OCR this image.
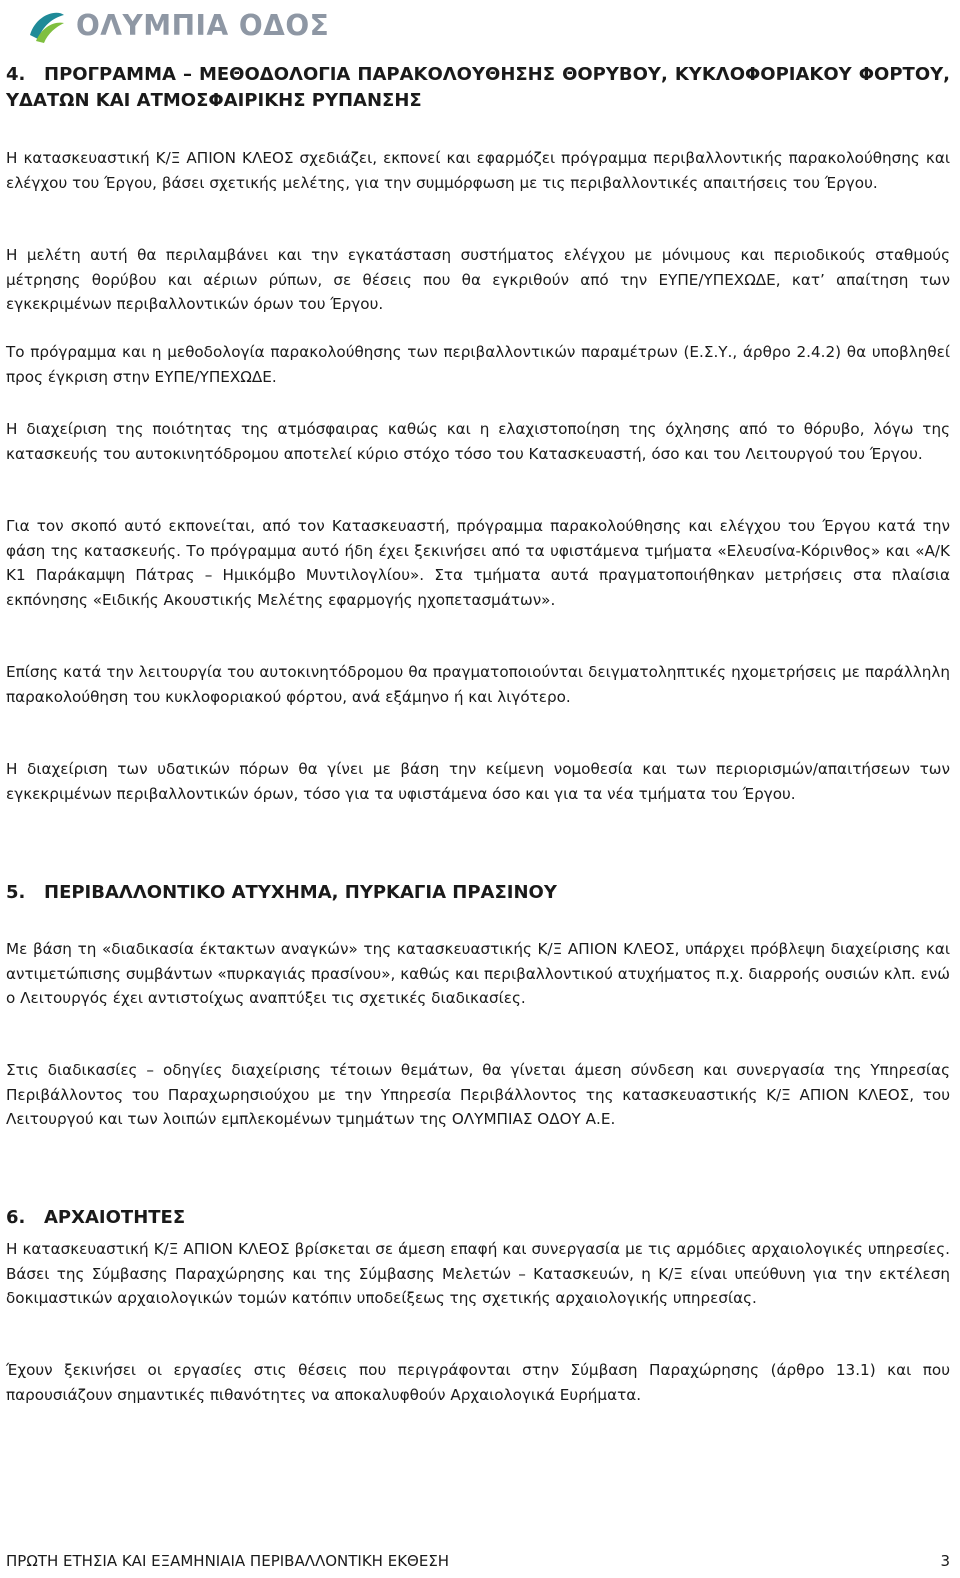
ΟΛΥΜΠΙΑ ΟΔΟΣ
4. ΠΡΟΓΡΑΜΜΑ – ΜΕΘΟΔΟΛΟΓΙΑ ΠΑΡΑΚΟΛΟΥΘΗΣΗΣ ΘΟΡΥΒΟΥ, ΚΥΚΛΟΦΟΡΙΑΚΟΥ ΦΟΡΤΟΥ, ΥΔΑΤΩΝ ΚΑΙ ΑΤΜΟΣΦΑΙΡΙΚΗΣ ΡΥΠΑΝΣΗΣ

Η κατασκευαστική Κ/Ξ ΑΠΙΟΝ ΚΛΕΟΣ σχεδιάζει, εκπονεί και εφαρμόζει πρόγραμμα περιβαλλοντικής παρακολούθησης και ελέγχου του Έργου, βάσει σχετικής μελέτης, για την συμμόρφωση με τις περιβαλλοντικές απαιτήσεις του Έργου.

Η μελέτη αυτή θα περιλαμβάνει και την εγκατάσταση συστήματος ελέγχου με μόνιμους και περιοδικούς σταθμούς μέτρησης θορύβου και αέριων ρύπων, σε θέσεις που θα εγκριθούν από την ΕΥΠΕ/ΥΠΕΧΩΔΕ, κατ’ απαίτηση των εγκεκριμένων περιβαλλοντικών όρων του Έργου.

Το πρόγραμμα και η μεθοδολογία παρακολούθησης των περιβαλλοντικών παραμέτρων (Ε.Σ.Υ., άρθρο 2.4.2) θα υποβληθεί προς έγκριση στην ΕΥΠΕ/ΥΠΕΧΩΔΕ.

Η διαχείριση της ποιότητας της ατμόσφαιρας καθώς και η ελαχιστοποίηση της όχλησης από το θόρυβο, λόγω της κατασκευής του αυτοκινητόδρομου αποτελεί κύριο στόχο τόσο του Κατασκευαστή, όσο και του Λειτουργού του Έργου.

Για τον σκοπό αυτό εκπονείται, από τον Κατασκευαστή, πρόγραμμα παρακολούθησης και ελέγχου του Έργου κατά την φάση της κατασκευής. Το πρόγραμμα αυτό ήδη έχει ξεκινήσει από τα υφιστάμενα τμήματα «Ελευσίνα-Κόρινθος» και «Α/Κ Κ1 Παράκαμψη Πάτρας – Ημικόμβο Μυντιλογλίου». Στα τμήματα αυτά πραγματοποιήθηκαν μετρήσεις στα πλαίσια εκπόνησης «Ειδικής Ακουστικής Μελέτης εφαρμογής ηχοπετασμάτων».

Επίσης κατά την λειτουργία του αυτοκινητόδρομου θα πραγματοποιούνται δειγματοληπτικές ηχομετρήσεις με παράλληλη παρακολούθηση του κυκλοφοριακού φόρτου, ανά εξάμηνο ή και λιγότερο.

Η διαχείριση των υδατικών πόρων θα γίνει με βάση την κείμενη νομοθεσία και των περιορισμών/απαιτήσεων των εγκεκριμένων περιβαλλοντικών όρων, τόσο για τα υφιστάμενα όσο και για τα νέα τμήματα του Έργου.

5. ΠΕΡΙΒΑΛΛΟΝΤΙΚΟ ΑΤΥΧΗΜΑ, ΠΥΡΚΑΓΙΑ ΠΡΑΣΙΝΟΥ

Με βάση τη «διαδικασία έκτακτων αναγκών» της κατασκευαστικής Κ/Ξ ΑΠΙΟΝ ΚΛΕΟΣ, υπάρχει πρόβλεψη διαχείρισης και αντιμετώπισης συμβάντων «πυρκαγιάς πρασίνου», καθώς και περιβαλλοντικού ατυχήματος π.χ. διαρροής ουσιών κλπ. ενώ ο Λειτουργός έχει αντιστοίχως αναπτύξει τις σχετικές διαδικασίες.

Στις διαδικασίες – οδηγίες διαχείρισης τέτοιων θεμάτων, θα γίνεται άμεση σύνδεση και συνεργασία της Υπηρεσίας Περιβάλλοντος του Παραχωρησιούχου με την Υπηρεσία Περιβάλλοντος της κατασκευαστικής Κ/Ξ ΑΠΙΟΝ ΚΛΕΟΣ, του Λειτουργού και των λοιπών εμπλεκομένων τμημάτων της ΟΛΥΜΠΙΑΣ ΟΔΟΥ Α.Ε.

6. ΑΡΧΑΙΟΤΗΤΕΣ

Η κατασκευαστική Κ/Ξ ΑΠΙΟΝ ΚΛΕΟΣ βρίσκεται σε άμεση επαφή και συνεργασία με τις αρμόδιες αρχαιολογικές υπηρεσίες. Βάσει της Σύμβασης Παραχώρησης και της Σύμβασης Μελετών – Κατασκευών, η Κ/Ξ είναι υπεύθυνη για την εκτέλεση δοκιμαστικών αρχαιολογικών τομών κατόπιν υποδείξεως της σχετικής αρχαιολογικής υπηρεσίας.

Έχουν ξεκινήσει οι εργασίες στις θέσεις που περιγράφονται στην Σύμβαση Παραχώρησης (άρθρο 13.1) και που παρουσιάζουν σημαντικές πιθανότητες να αποκαλυφθούν Αρχαιολογικά Ευρήματα.

ΠΡΩΤΗ ΕΤΗΣΙΑ ΚΑΙ ΕΞΑΜΗΝΙΑΙΑ ΠΕΡΙΒΑΛΛΟΝΤΙΚΗ ΕΚΘΕΣΗ	3
